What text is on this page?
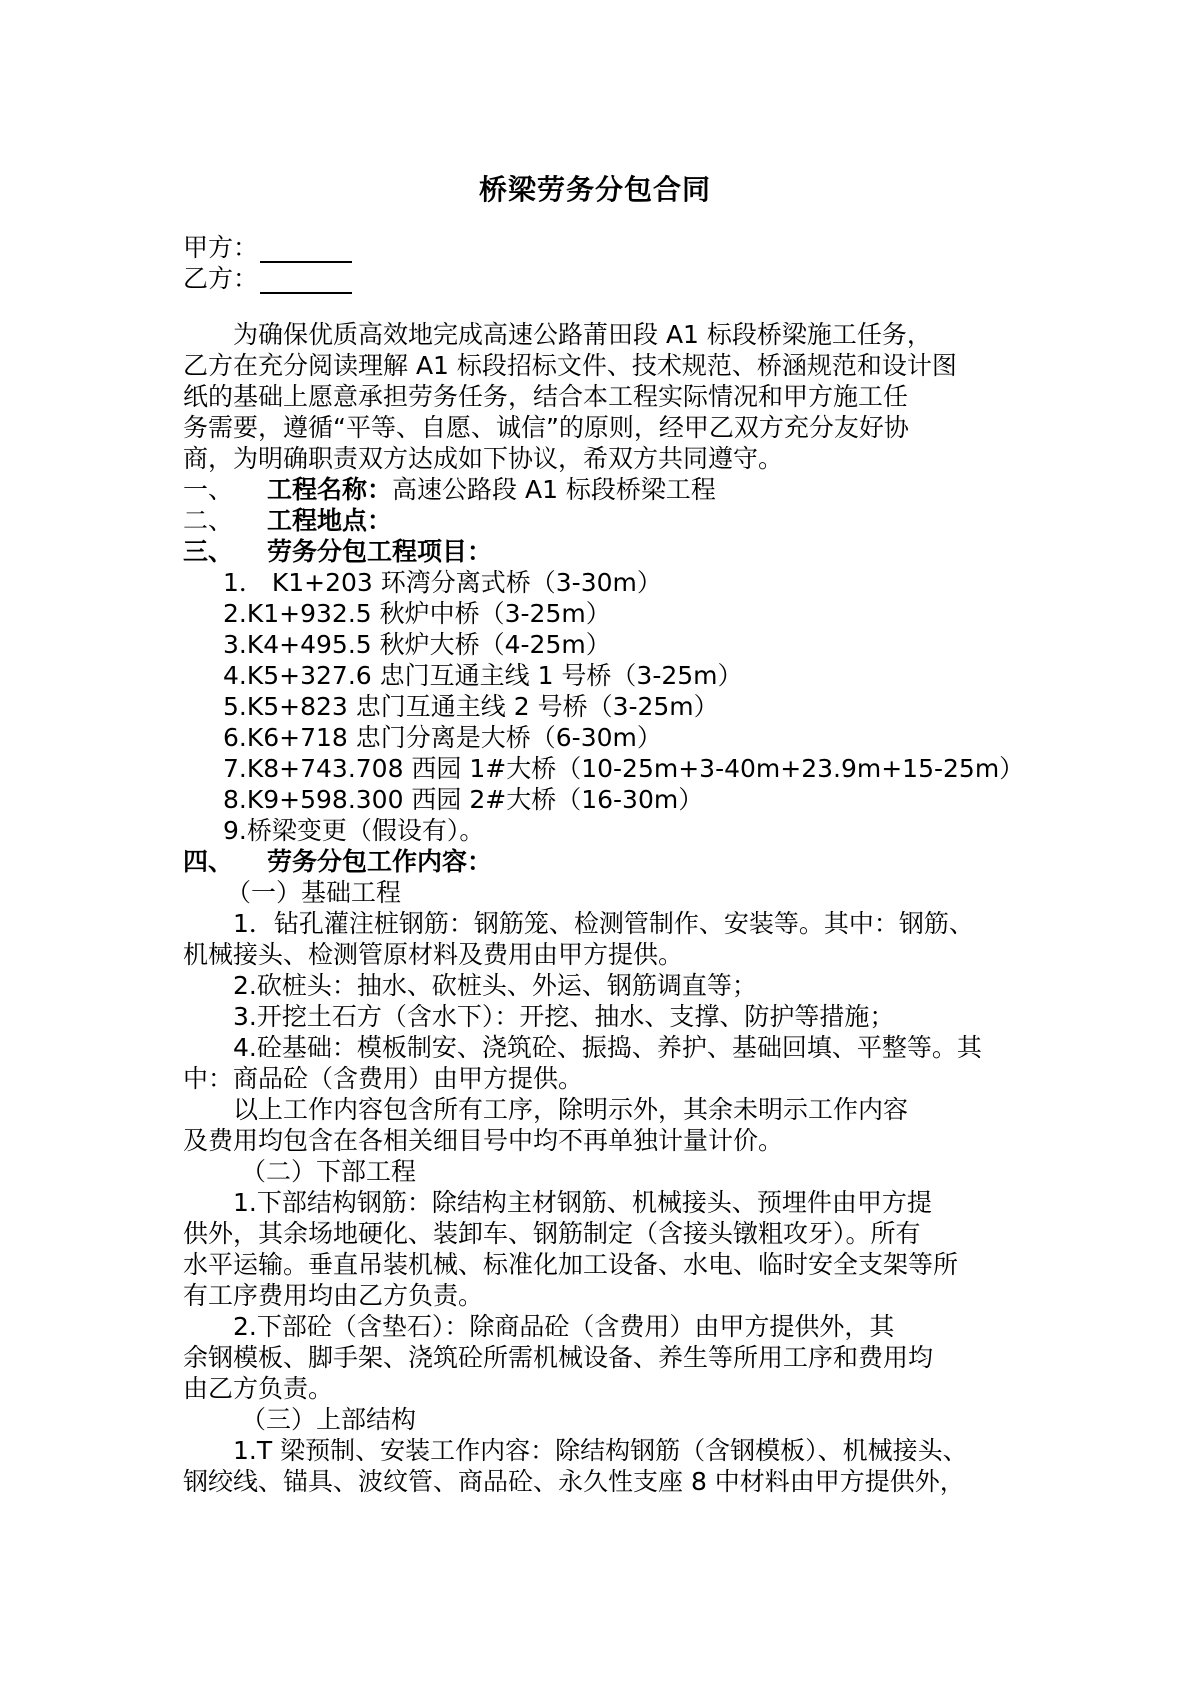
桥梁劳务分包合同
甲方：
乙方：
为确保优质高效地完成高速公路莆田段 A1 标段桥梁施工任务，
乙方在充分阅读理解 A1 标段招标文件、技术规范、桥涵规范和设计图
纸的基础上愿意承担劳务任务，结合本工程实际情况和甲方施工任
务需要，遵循“平等、自愿、诚信”的原则，经甲乙双方充分友好协
商，为明确职责双方达成如下协议，希双方共同遵守。
一、 工程名称：高速公路段 A1 标段桥梁工程
二、 工程地点：
三、 劳务分包工程项目：
1． K1+203 环湾分离式桥（3-30m）
2.K1+932.5 秋炉中桥（3-25m）
3.K4+495.5 秋炉大桥（4-25m）
4.K5+327.6 忠门互通主线 1 号桥（3-25m）
5.K5+823 忠门互通主线 2 号桥（3-25m）
6.K6+718 忠门分离是大桥（6-30m）
7.K8+743.708 西园 1#大桥（10-25m+3-40m+23.9m+15-25m）
8.K9+598.300 西园 2#大桥（16-30m）
9.桥梁变更（假设有）。
四、 劳务分包工作内容：
（一）基础工程
1．钻孔灌注桩钢筋：钢筋笼、检测管制作、安装等。其中：钢筋、
机械接头、检测管原材料及费用由甲方提供。
2.砍桩头：抽水、砍桩头、外运、钢筋调直等；
3.开挖土石方（含水下）：开挖、抽水、支撑、防护等措施；
4.砼基础：模板制安、浇筑砼、振捣、养护、基础回填、平整等。其
中：商品砼（含费用）由甲方提供。
以上工作内容包含所有工序，除明示外，其余未明示工作内容
及费用均包含在各相关细目号中均不再单独计量计价。
（二）下部工程
1.下部结构钢筋：除结构主材钢筋、机械接头、预埋件由甲方提
供外，其余场地硬化、装卸车、钢筋制定（含接头镦粗攻牙）。所有
水平运输。垂直吊装机械、标准化加工设备、水电、临时安全支架等所
有工序费用均由乙方负责。
2.下部砼（含垫石）：除商品砼（含费用）由甲方提供外，其
余钢模板、脚手架、浇筑砼所需机械设备、养生等所用工序和费用均
由乙方负责。
（三）上部结构
1.T 梁预制、安装工作内容：除结构钢筋（含钢模板）、机械接头、
钢绞线、锚具、波纹管、商品砼、永久性支座 8 中材料由甲方提供外，
